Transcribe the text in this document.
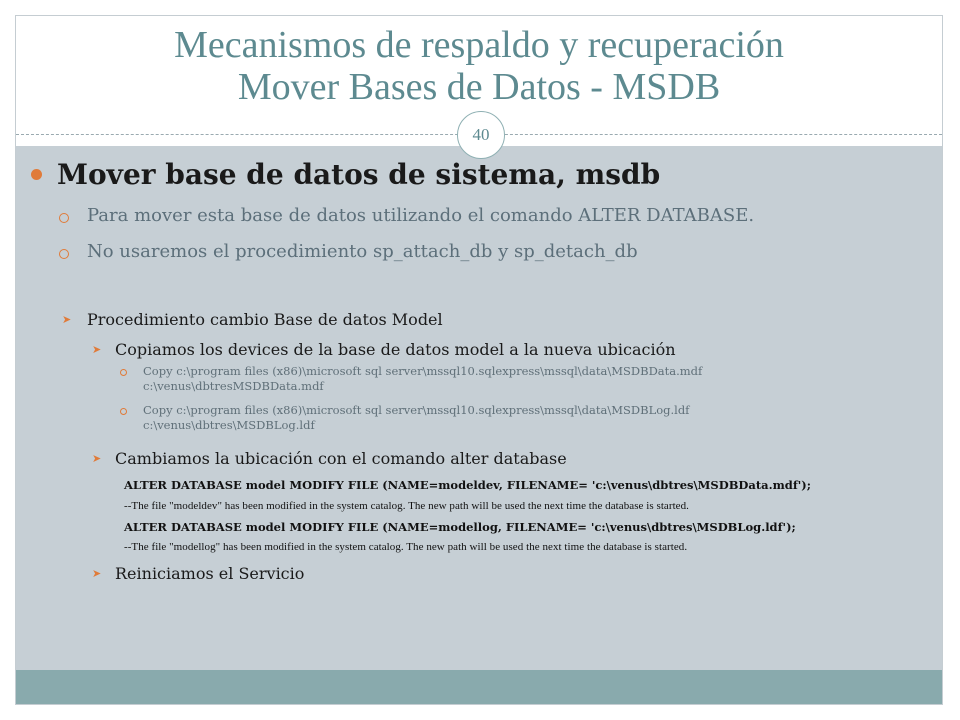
Mecanismos de respaldo y recuperación
Mover Bases de Datos - MSDB
40
Mover base de datos de sistema, msdb
Para mover esta base de datos utilizando el comando ALTER DATABASE.
No usaremos el procedimiento sp_attach_db y sp_detach_db
➤ Procedimiento cambio Base de datos Model
➤ Copiamos los devices de la base de datos model a la nueva ubicación
Copy c:\program files (x86)\microsoft sql server\mssql10.sqlexpress\mssql\data\MSDBData.mdf
c:\venus\dbtresMSDBData.mdf
Copy c:\program files (x86)\microsoft sql server\mssql10.sqlexpress\mssql\data\MSDBLog.ldf
c:\venus\dbtres\MSDBLog.ldf
➤ Cambiamos la ubicación con el comando alter database
ALTER DATABASE model MODIFY FILE (NAME=modeldev, FILENAME= 'c:\venus\dbtres\MSDBData.mdf');
--The file "modeldev" has been modified in the system catalog. The new path will be used the next time the database is started.
ALTER DATABASE model MODIFY FILE (NAME=modellog, FILENAME= 'c:\venus\dbtres\MSDBLog.ldf');
--The file "modellog" has been modified in the system catalog. The new path will be used the next time the database is started.
➤ Reiniciamos el Servicio
